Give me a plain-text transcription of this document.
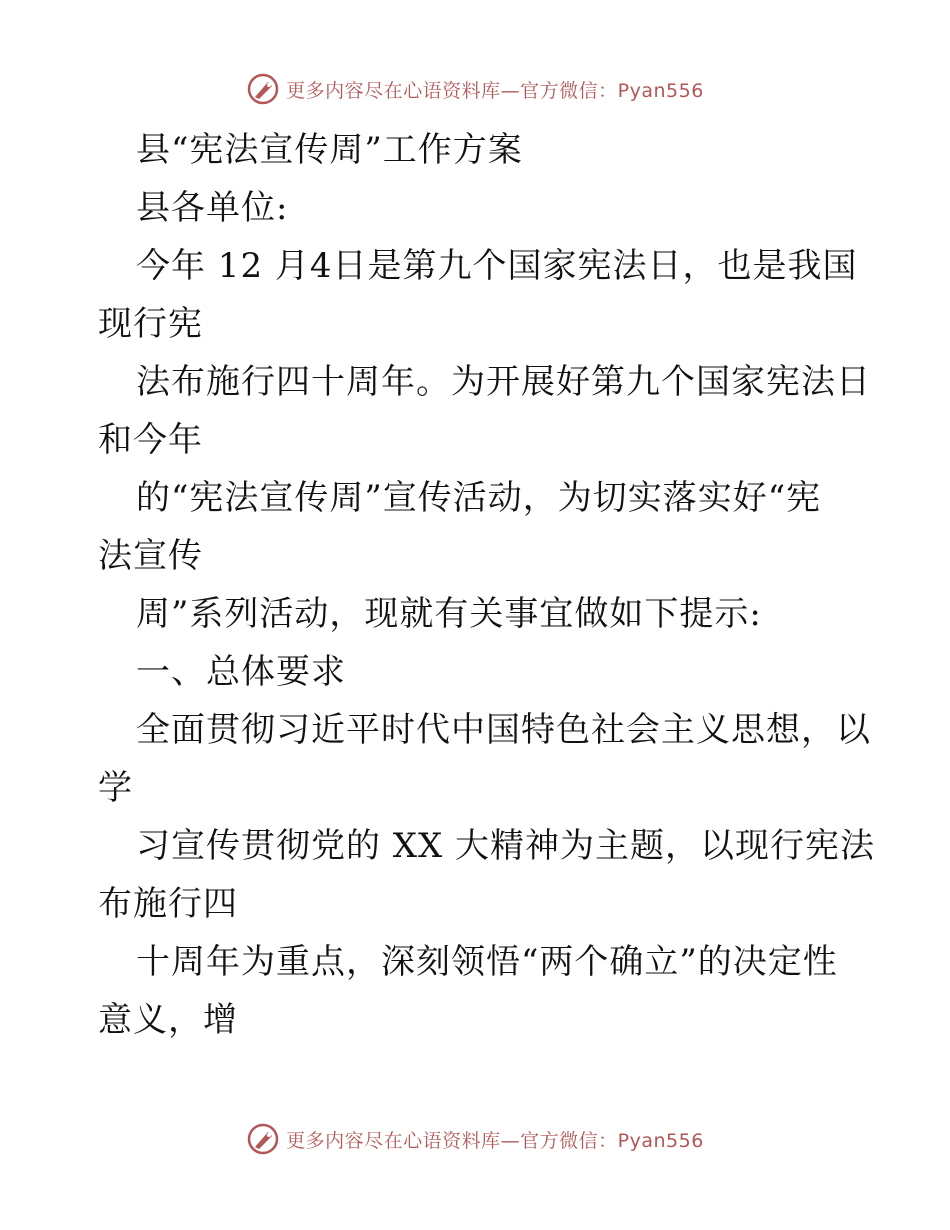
更多内容尽在心语资料库—官方微信：Pyan556
县“宪法宣传周”工作方案
县各单位:
今年 12 月4日是第九个国家宪法日，也是我国
现行宪
法布施行四十周年。为开展好第九个国家宪法日
和今年
的“宪法宣传周”宣传活动，为切实落实好“宪
法宣传
周”系列活动，现就有关事宜做如下提示:
一、总体要求
全面贯彻习近平时代中国特色社会主义思想，以
学
习宣传贯彻党的 XX 大精神为主题，以现行宪法
布施行四
十周年为重点，深刻领悟“两个确立”的决定性
意义，增
更多内容尽在心语资料库—官方微信：Pyan556
